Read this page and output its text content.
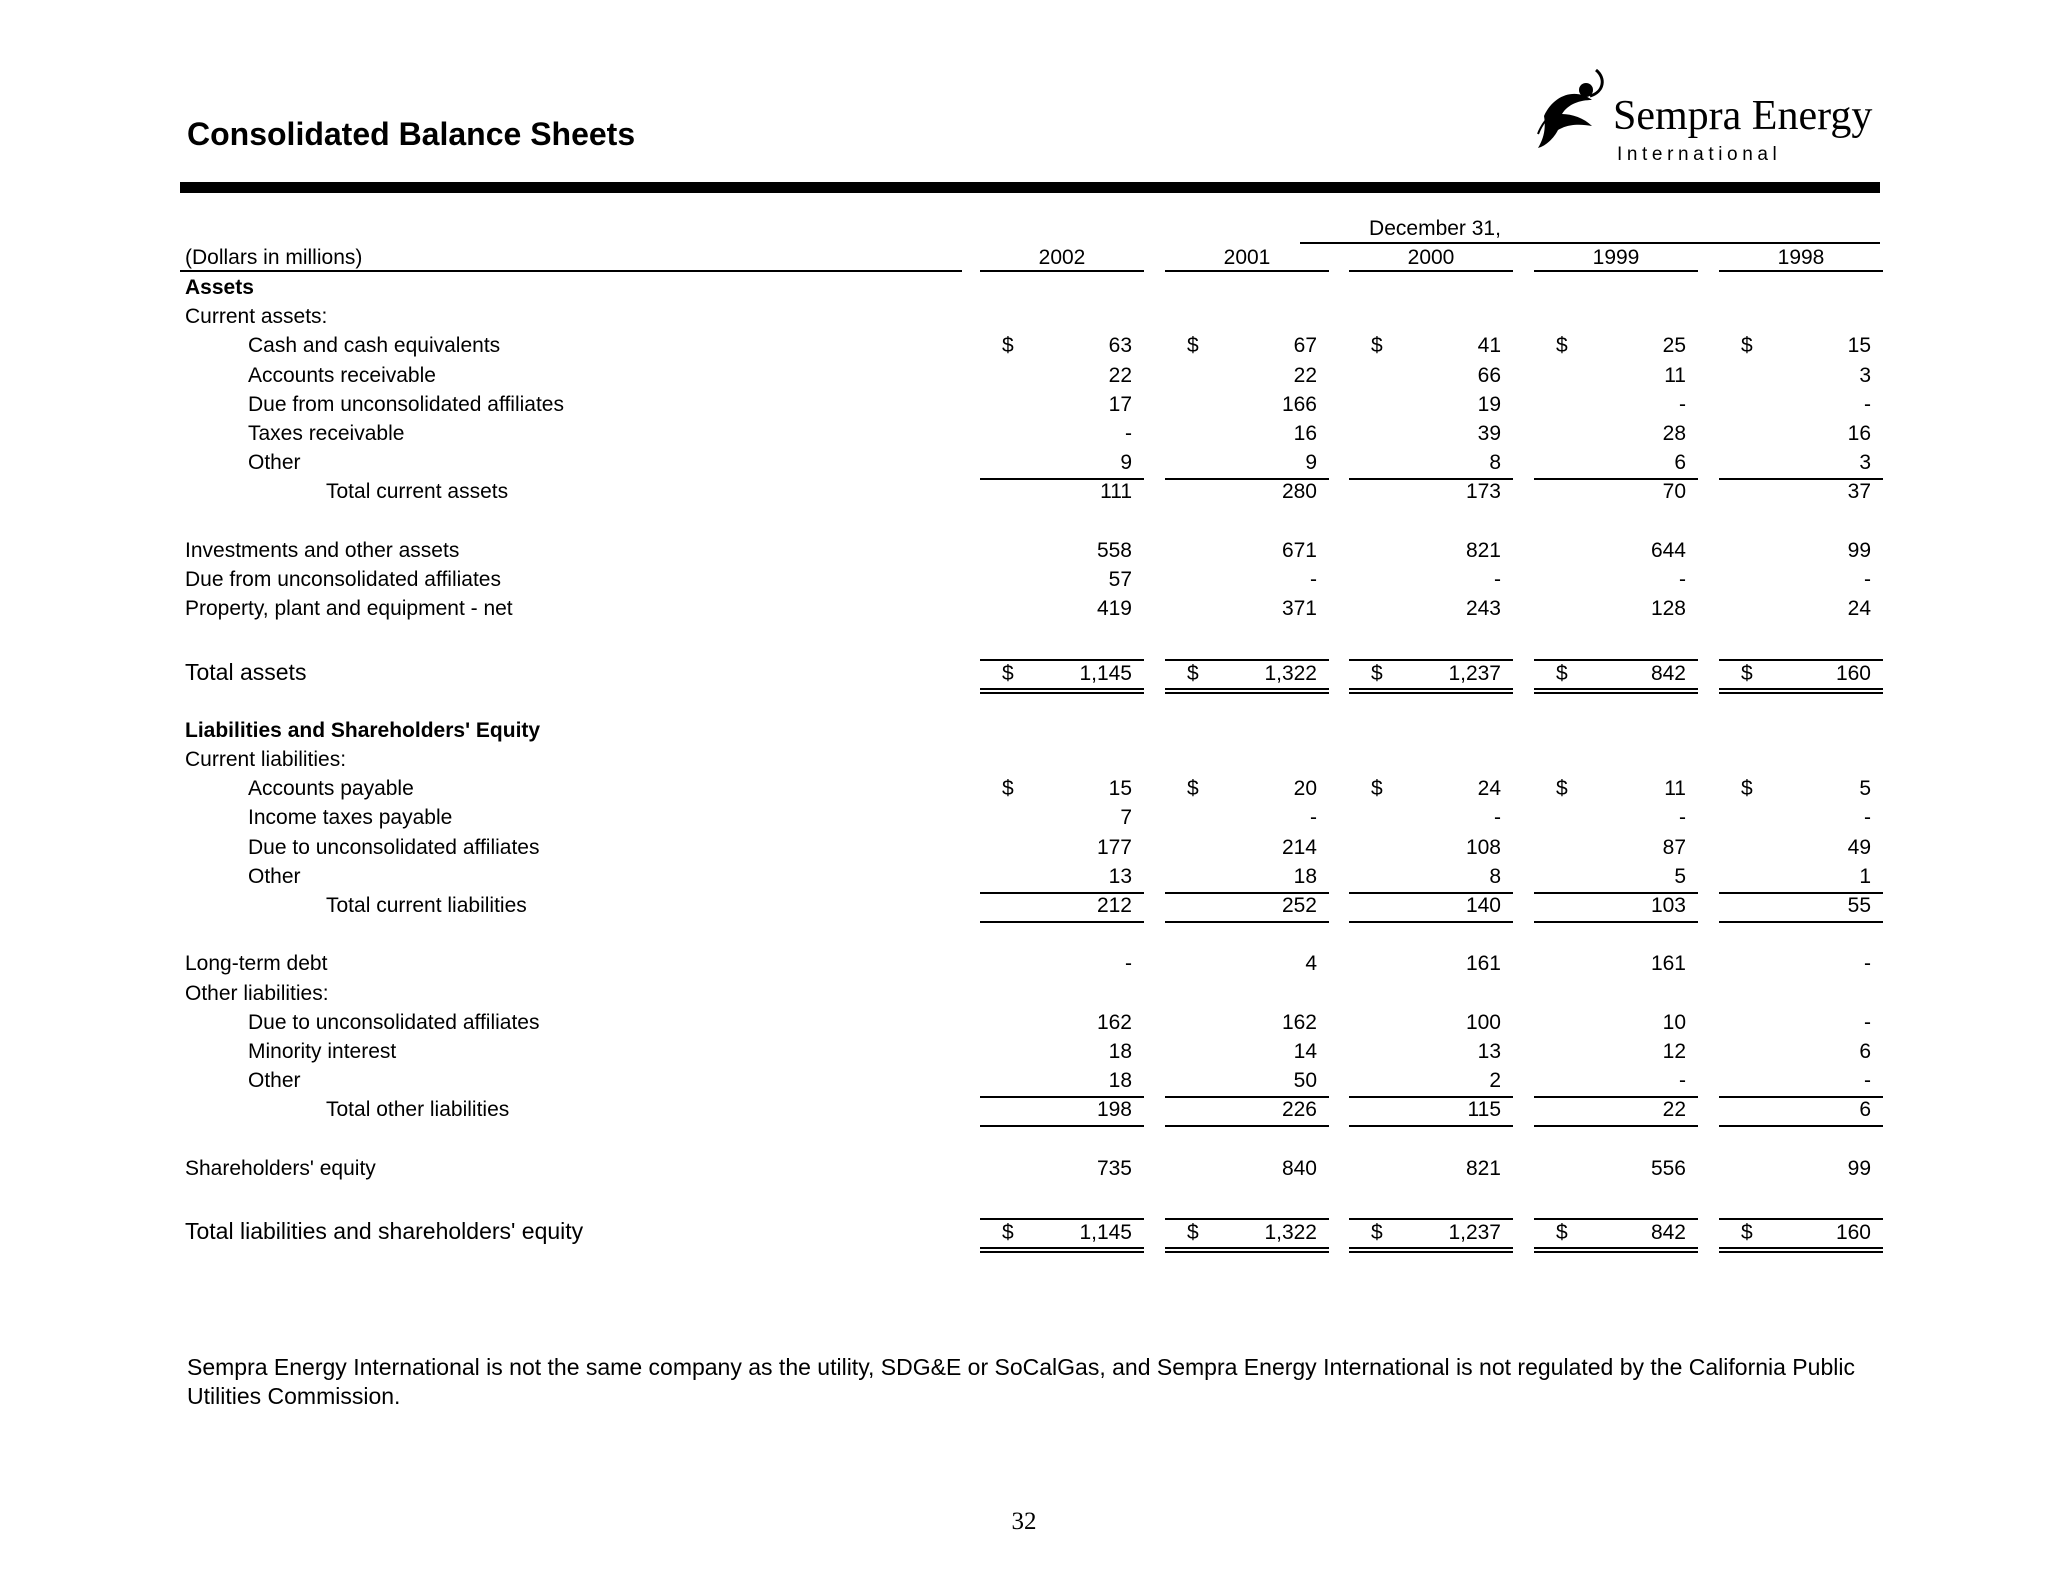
Consolidated Balance Sheets	Sempra Energy
International
December 31,
(Dollars in millions)	2002	2001	2000	1999	1998
Assets
Current assets:
Cash and cash equivalents	$	63	$	67	$	41	$	25	$	15
Accounts receivable	22	22	66	11	3
Due from unconsolidated affiliates	17	166	19	-	-
Taxes receivable	-	16	39	28	16
Other	9	9	8	6	3
Total current assets	111	280	173	70	37
Investments and other assets	558	671	821	644	99
Due from unconsolidated affiliates	57	-	-	-	-
Property, plant and equipment - net	419	371	243	128	24
Total assets	$	1,145	$	1,322	$	1,237	$	842	$	160
Liabilities and Shareholders' Equity
Current liabilities:
Accounts payable	$	15	$	20	$	24	$	11	$	5
Income taxes payable	7	-	-	-	-
Due to unconsolidated affiliates	177	214	108	87	49
Other	13	18	8	5	1
Total current liabilities	212	252	140	103	55
Long-term debt	-	4	161	161	-
Other liabilities:
Due to unconsolidated affiliates	162	162	100	10	-
Minority interest	18	14	13	12	6
Other	18	50	2	-	-
Total other liabilities	198	226	115	22	6
Shareholders' equity	735	840	821	556	99
Total liabilities and shareholders' equity	$	1,145	$	1,322	$	1,237	$	842	$	160

Sempra Energy International is not the same company as the utility, SDG&E or SoCalGas, and Sempra Energy International is not regulated by the California Public Utilities Commission.

32
